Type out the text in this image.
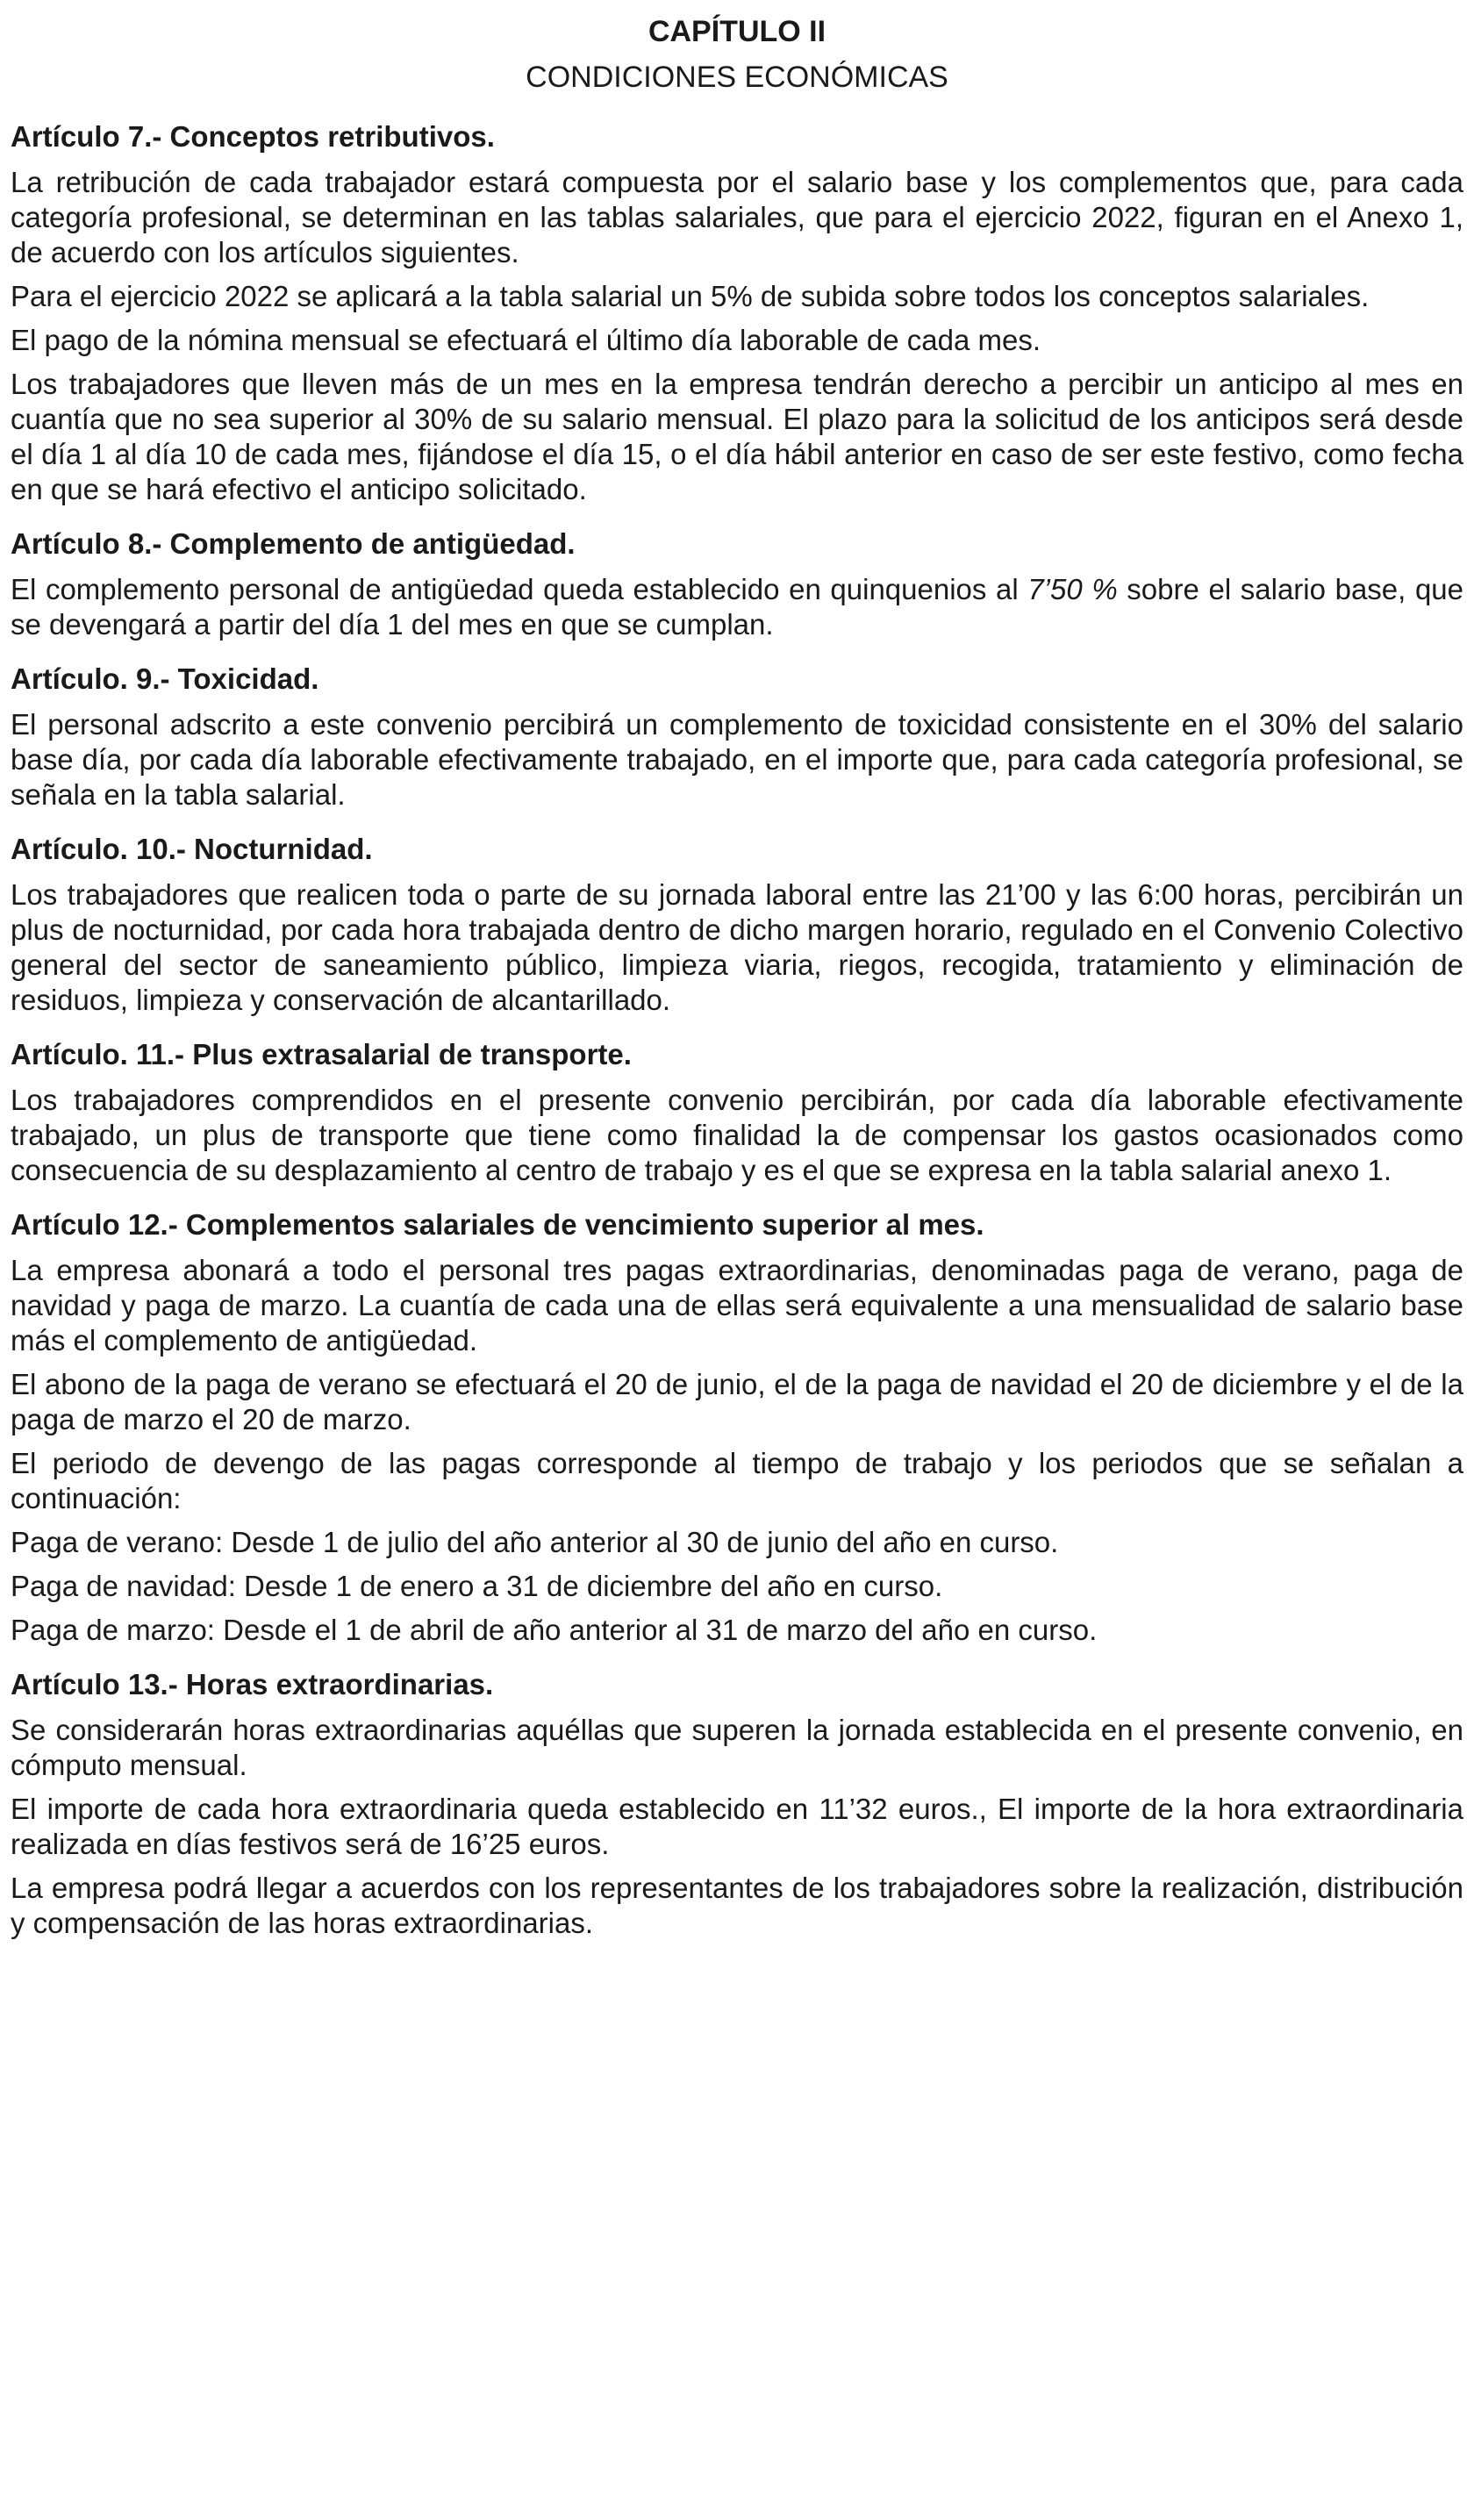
CAPÍTULO II
CONDICIONES ECONÓMICAS
Artículo 7.- Conceptos retributivos.

La retribución de cada trabajador estará compuesta por el salario base y los complementos que, para cada categoría profesional, se determinan en las tablas salariales, que para el ejercicio 2022, figuran en el Anexo 1, de acuerdo con los artículos siguientes.

Para el ejercicio 2022 se aplicará a la tabla salarial un 5% de subida sobre todos los conceptos salariales.

El pago de la nómina mensual se efectuará el último día laborable de cada mes.

Los trabajadores que lleven más de un mes en la empresa tendrán derecho a percibir un anticipo al mes en cuantía que no sea superior al 30% de su salario mensual. El plazo para la solicitud de los anticipos será desde el día 1 al día 10 de cada mes, fijándose el día 15, o el día hábil anterior en caso de ser este festivo, como fecha en que se hará efectivo el anticipo solicitado.

Artículo 8.- Complemento de antigüedad.

El complemento personal de antigüedad queda establecido en quinquenios al 7’50 % sobre el salario base, que se devengará a partir del día 1 del mes en que se cumplan.

Artículo. 9.- Toxicidad.

El personal adscrito a este convenio percibirá un complemento de toxicidad consistente en el 30% del salario base día, por cada día laborable efectivamente trabajado, en el importe que, para cada categoría profesional, se señala en la tabla salarial.

Artículo. 10.- Nocturnidad.

Los trabajadores que realicen toda o parte de su jornada laboral entre las 21’00 y las 6:00 horas, percibirán un plus de nocturnidad, por cada hora trabajada dentro de dicho margen horario, regulado en el Convenio Colectivo general del sector de saneamiento público, limpieza viaria, riegos, recogida, tratamiento y eliminación de residuos, limpieza y conservación de alcantarillado.

Artículo. 11.- Plus extrasalarial de transporte.

Los trabajadores comprendidos en el presente convenio percibirán, por cada día laborable efectivamente trabajado, un plus de transporte que tiene como finalidad la de compensar los gastos ocasionados como consecuencia de su desplazamiento al centro de trabajo y es el que se expresa en la tabla salarial anexo 1.

Artículo 12.- Complementos salariales de vencimiento superior al mes.

La empresa abonará a todo el personal tres pagas extraordinarias, denominadas paga de verano, paga de navidad y paga de marzo. La cuantía de cada una de ellas será equivalente a una mensualidad de salario base más el complemento de antigüedad.

El abono de la paga de verano se efectuará el 20 de junio, el de la paga de navidad el 20 de diciembre y el de la paga de marzo el 20 de marzo.

El periodo de devengo de las pagas corresponde al tiempo de trabajo y los periodos que se señalan a continuación:

Paga de verano: Desde 1 de julio del año anterior al 30 de junio del año en curso.

Paga de navidad: Desde 1 de enero a 31 de diciembre del año en curso.

Paga de marzo: Desde el 1 de abril de año anterior al 31 de marzo del año en curso.

Artículo 13.- Horas extraordinarias.

Se considerarán horas extraordinarias aquéllas que superen la jornada establecida en el presente convenio, en cómputo mensual.

El importe de cada hora extraordinaria queda establecido en 11’32 euros., El importe de la hora extraordinaria realizada en días festivos será de 16’25 euros.

La empresa podrá llegar a acuerdos con los representantes de los trabajadores sobre la realización, distribución y compensación de las horas extraordinarias.
